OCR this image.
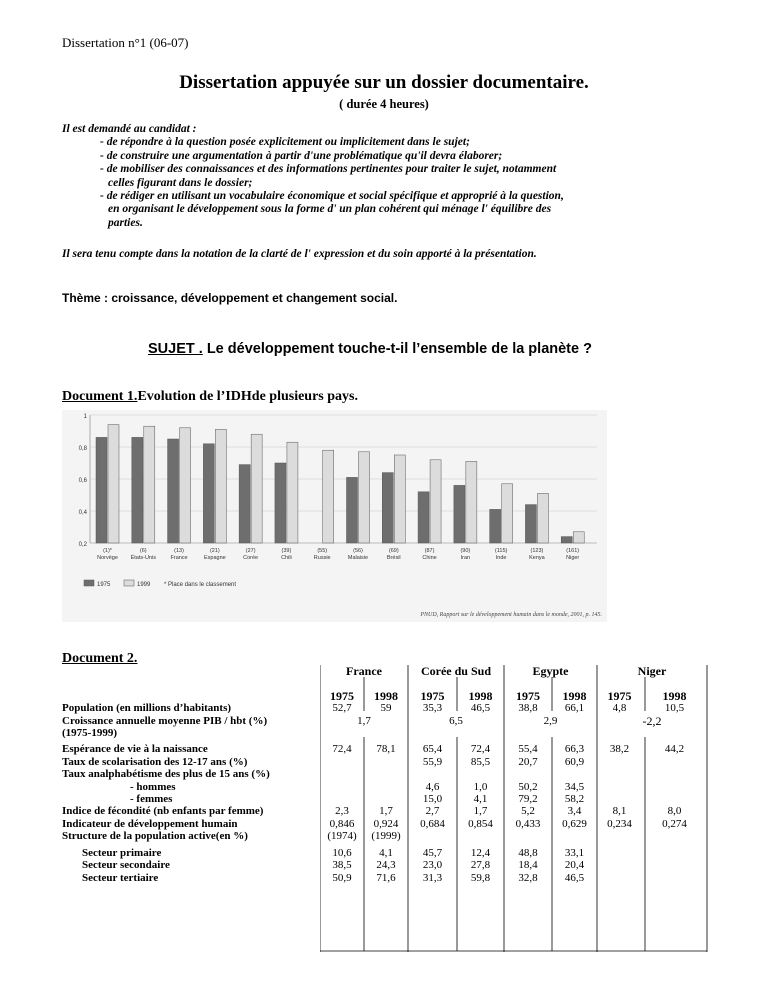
Dissertation n°1 (06-07)
Dissertation appuyée sur un dossier documentaire.
( durée 4 heures)
Il est demandé au candidat :
- de répondre à la question posée explicitement ou implicitement dans le sujet;
- de construire une argumentation à partir d'une problématique qu'il devra élaborer;
- de mobiliser des connaissances et des informations pertinentes pour traiter le sujet, notamment
celles figurant dans le dossier;
- de rédiger en utilisant un vocabulaire économique et social spécifique et approprié à la question,
en organisant le développement sous la forme d' un plan cohérent qui ménage l' équilibre des
parties.
Il sera tenu compte dans la notation de la clarté de l' expression et du soin apporté à la présentation.
Thème : croissance, développement et changement social.
SUJET . Le développement touche-t-il l’ensemble de la planète ?
Document 1.Evolution de l’IDHde plusieurs pays.
1
0,8
0,6
0,4
0,2
(1)*
Norvège
(6)
États-Unis
(13)
France
(21)
Espagne
(27)
Corée
(39)
Chili
(55)
Russie
(56)
Malaisie
(69)
Brésil
(87)
Chine
(90)
Iran
(115)
Inde
(123)
Kenya
(161)
Niger
1975	1999 * Place dans le classement
PNUD, Rapport sur le développement humain dans le monde, 2001, p. 145.
Document 2.

	France		Corée du Sud		Egypte		Niger	

	1975	1998	1975	1998	1975	1998	1975	1998

Population (en millions d’habitants)	52,7	59	35,3	46,5	38,8	66,1	4,8	10,5

Croissance annuelle moyenne PIB / hbt (%)
(1975-1999)	1,7		6,5		2,9		-2,2	

Espérance de vie à la naissance	72,4	78,1	65,4	72,4	55,4	66,3	38,2	44,2

Taux de scolarisation des 12-17 ans (%)			55,9	85,5	20,7	60,9		

Taux analphabétisme des plus de 15 ans (%)								

- hommes			4,6	1,0	50,2	34,5		

- femmes			15,0	4,1	79,2	58,2		

Indice de fécondité (nb enfants par femme)	2,3	1,7	2,7	1,7	5,2	3,4	8,1	8,0

Indicateur de développement humain	0,846	0,924	0,684	0,854	0,433	0,629	0,234	0,274

Structure de la population active(en %)	(1974)	(1999)						

Secteur primaire	10,6	4,1	45,7	12,4	48,8	33,1		

Secteur secondaire	38,5	24,3	23,0	27,8	18,4	20,4		

Secteur tertiaire	50,9	71,6	31,3	59,8	32,8	46,5		
